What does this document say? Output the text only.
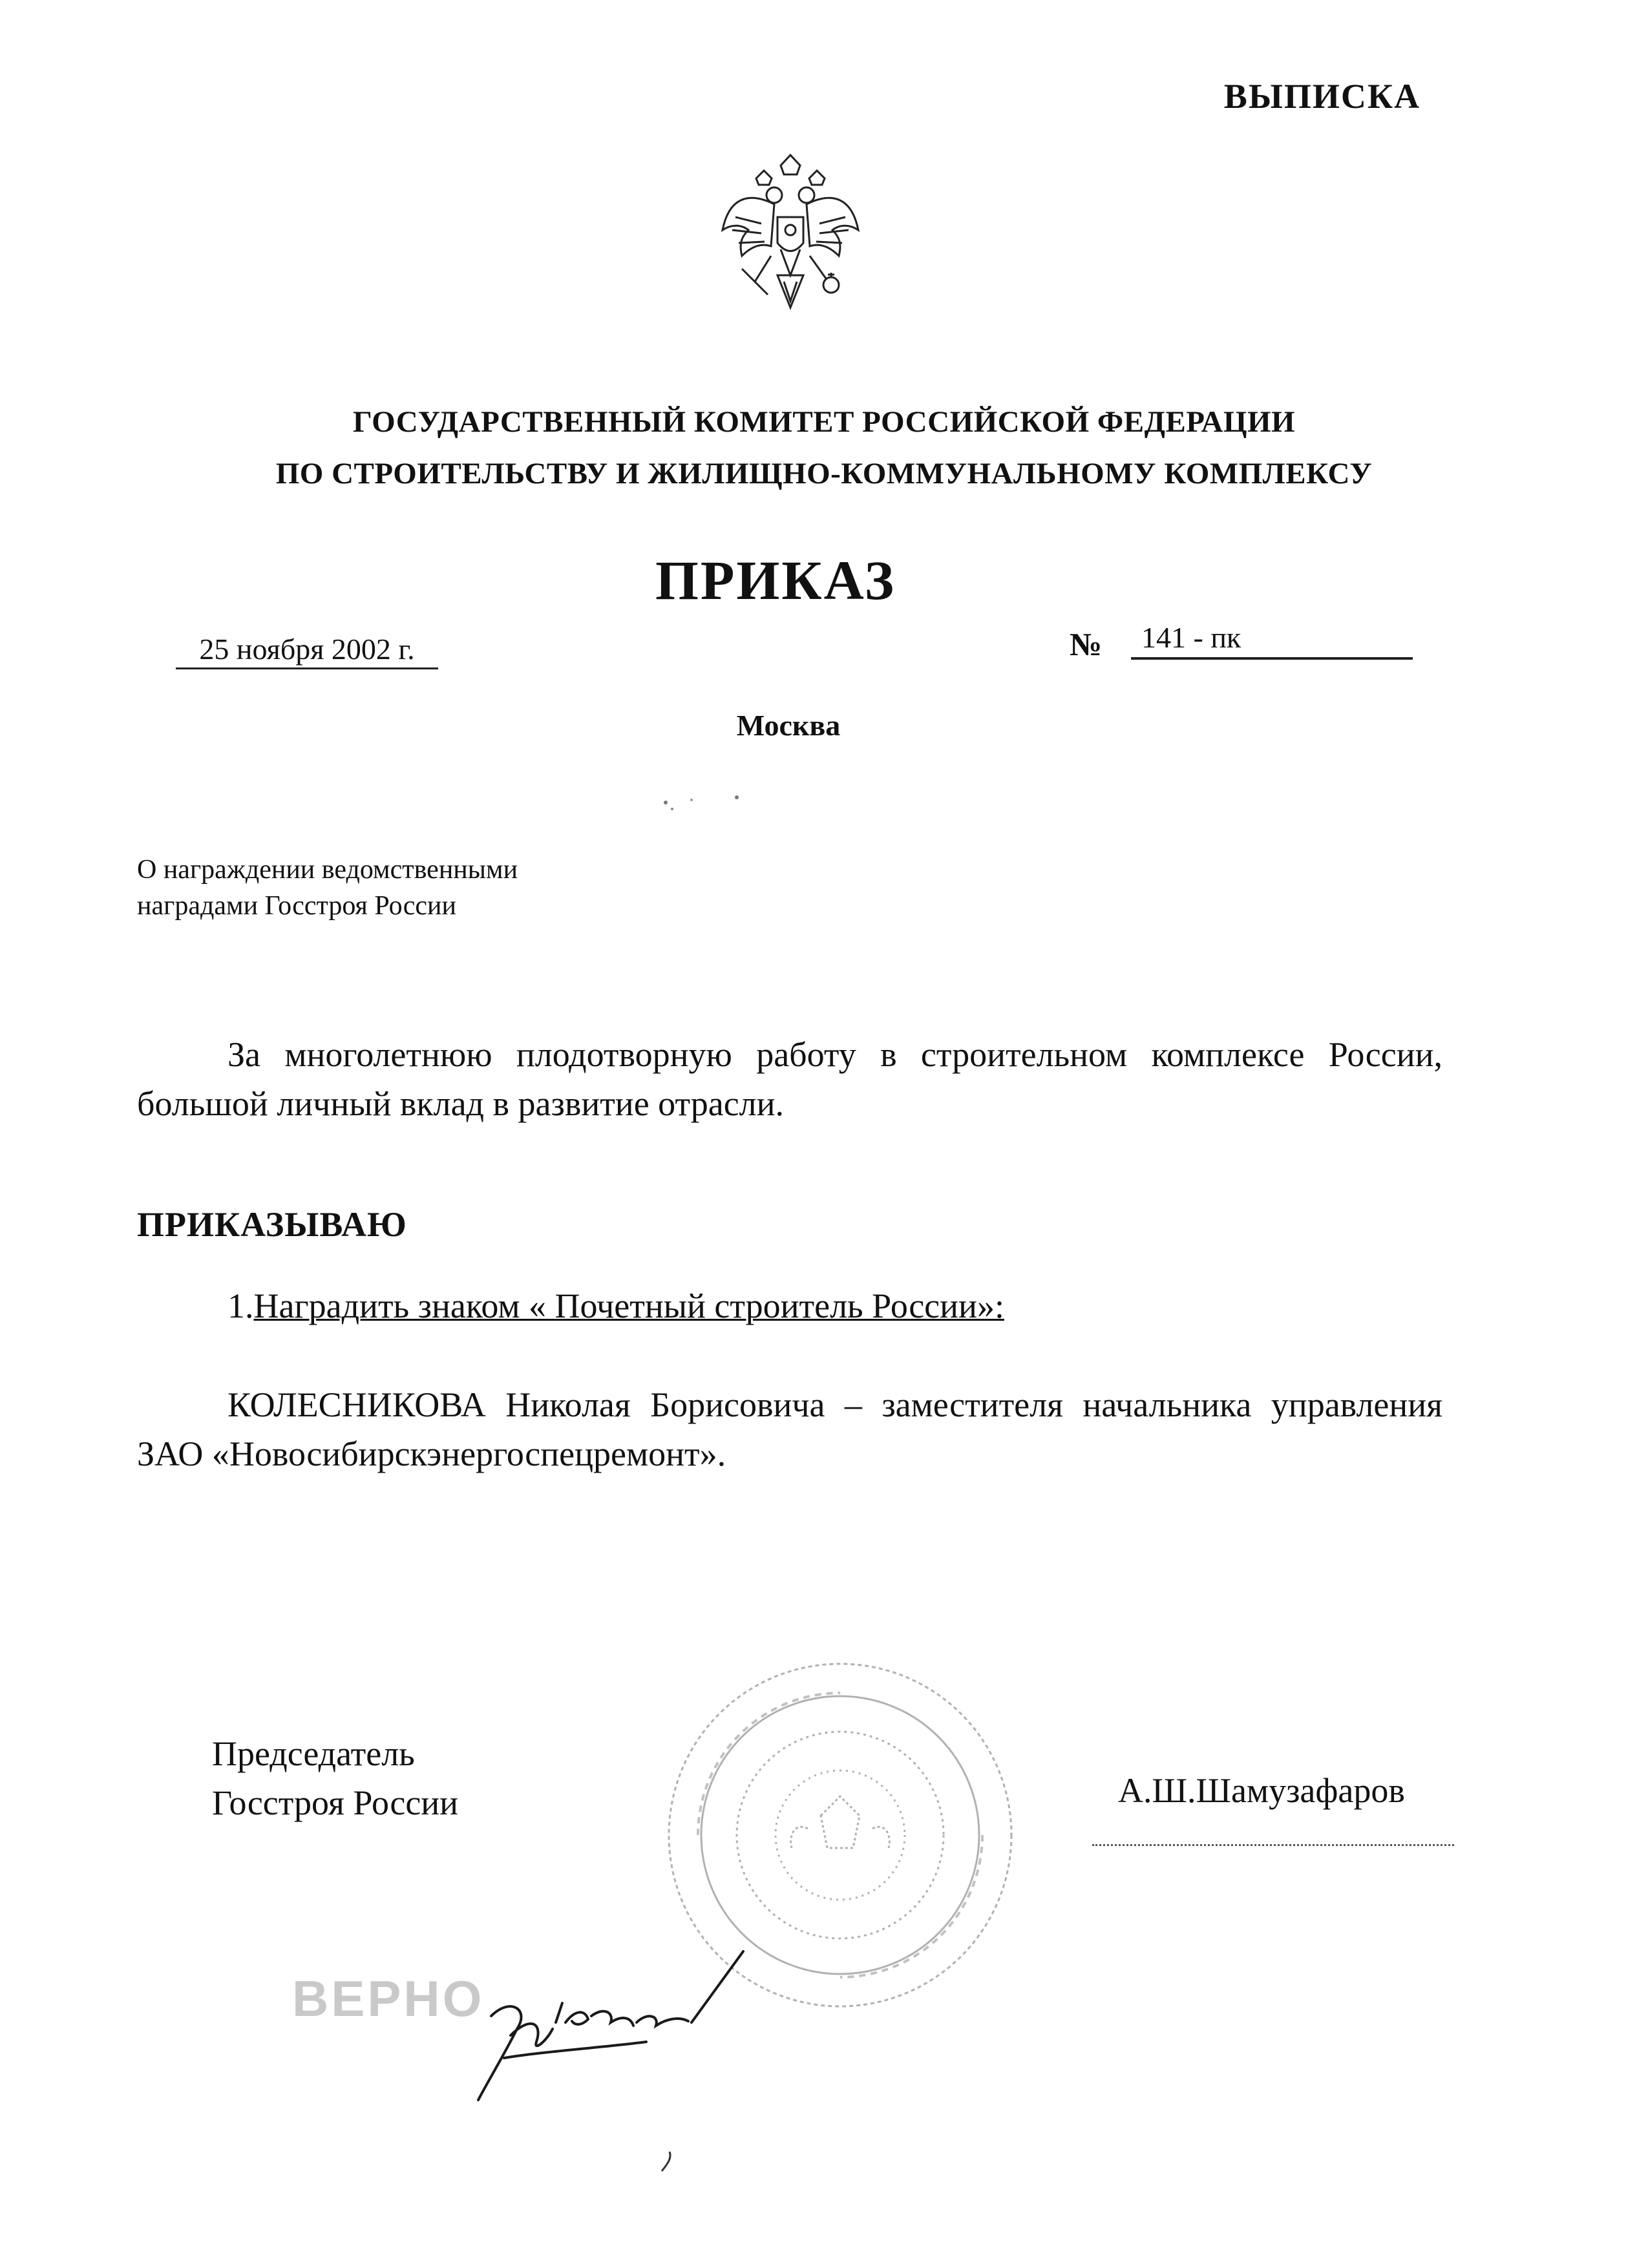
ВЫПИСКА
ГОСУДАРСТВЕННЫЙ КОМИТЕТ РОССИЙСКОЙ ФЕДЕРАЦИИ
ПО СТРОИТЕЛЬСТВУ И ЖИЛИЩНО-КОММУНАЛЬНОМУ КОМПЛЕКСУ
ПРИКАЗ
25 ноября 2002 г.	№	141 - пк
Москва
О награждении ведомственными
наградами Госстроя России

За многолетнюю плодотворную работу в строительном комплексе России, большой личный вклад в развитие отрасли.

ПРИКАЗЫВАЮ
1.Наградить знаком « Почетный строитель России»:

КОЛЕСНИКОВА Николая Борисовича – заместителя начальника управления ЗАО «Новосибирскэнергоспецремонт».

Председатель
Госстроя России	А.Ш.Шамузафаров
ВЕРНО
